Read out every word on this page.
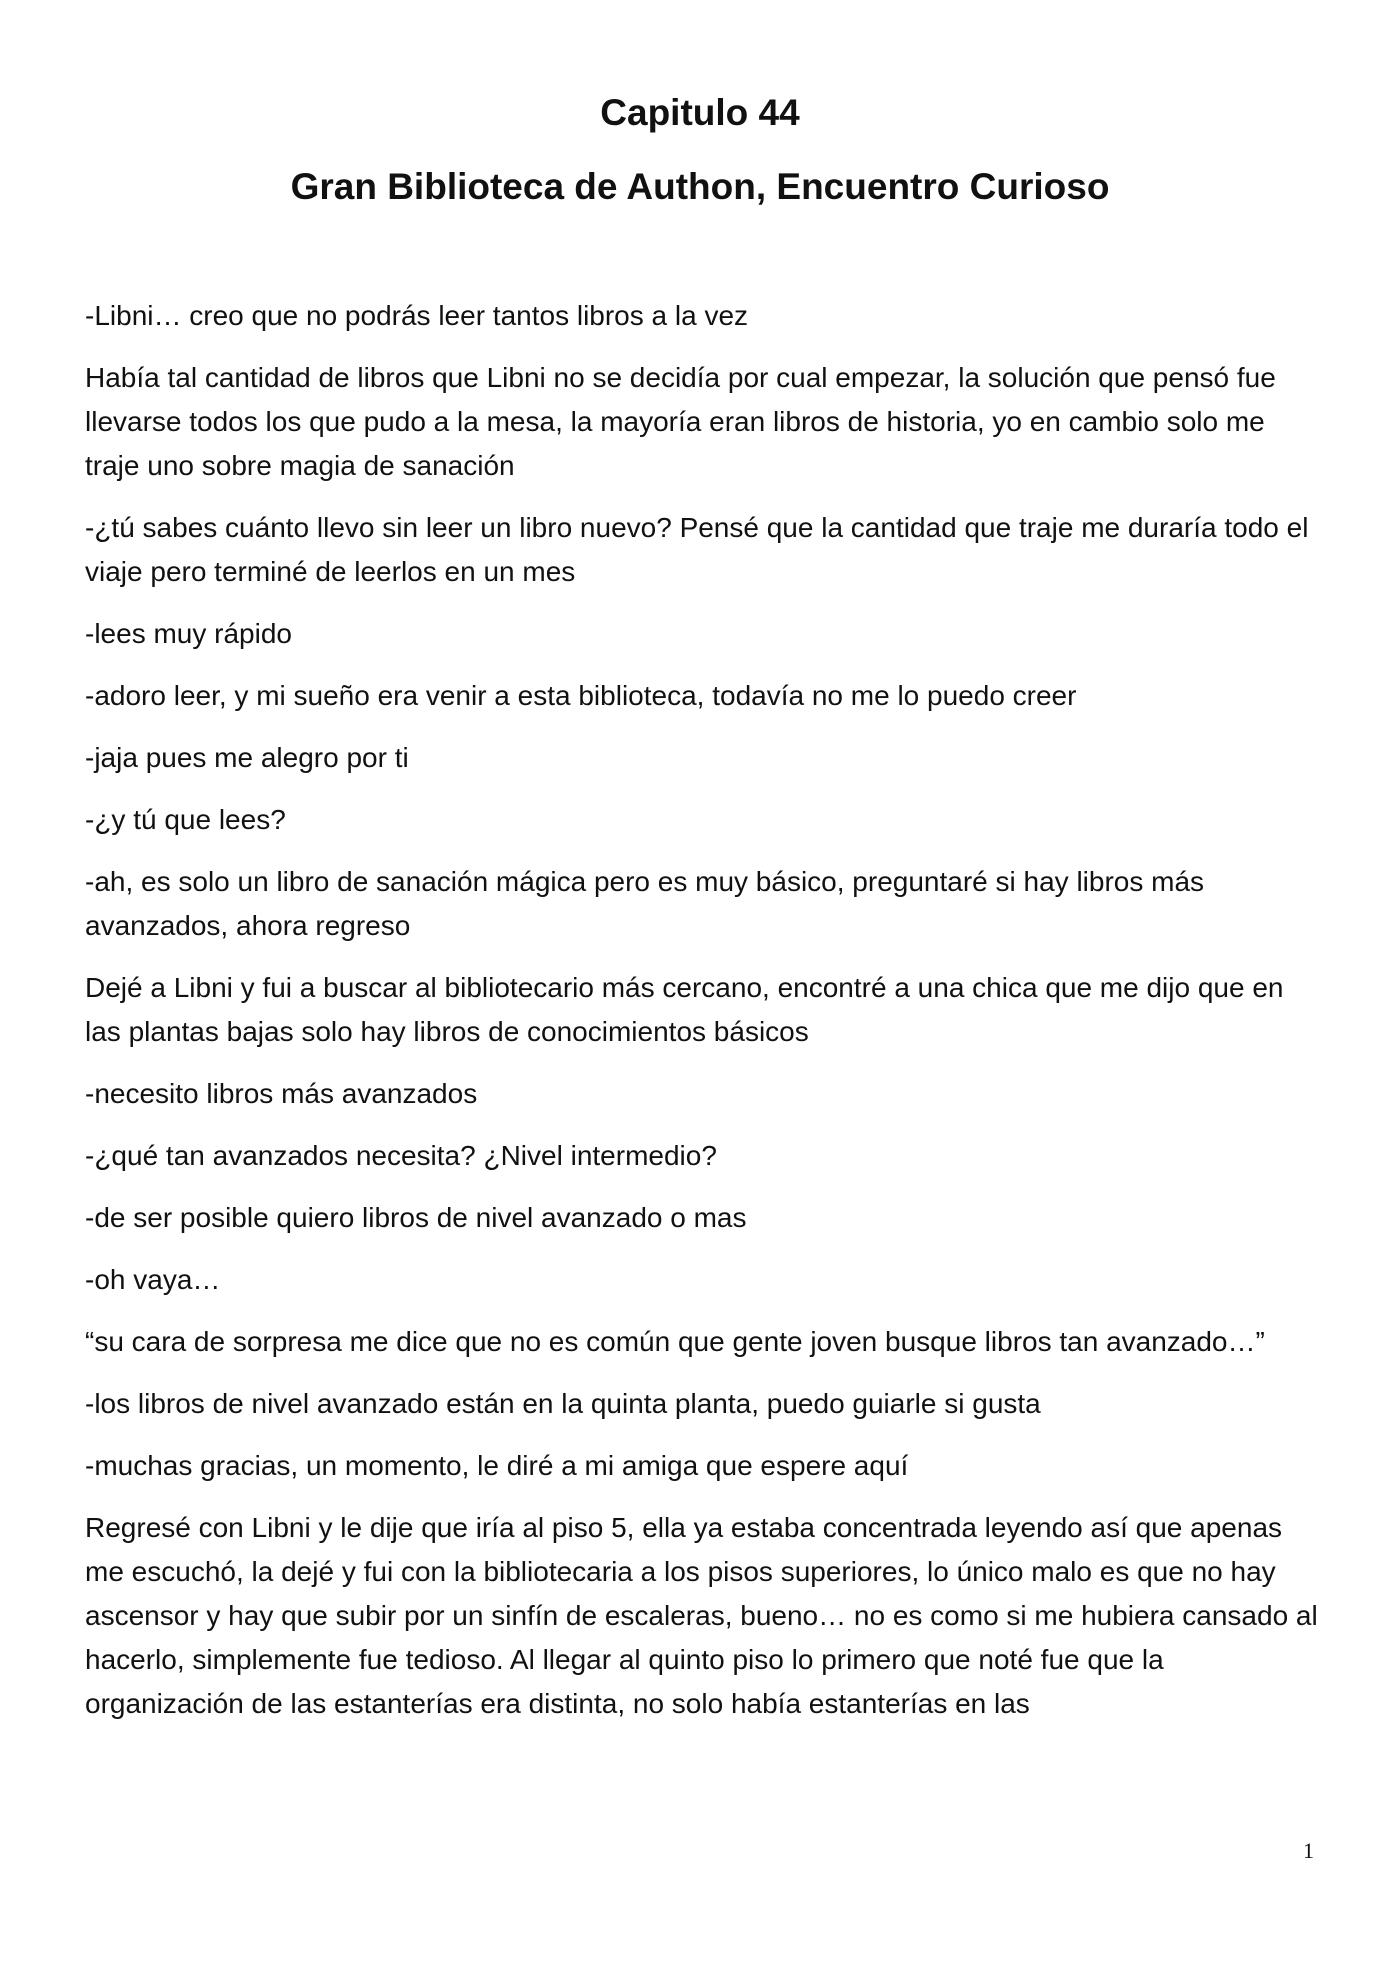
Capitulo 44
Gran Biblioteca de Authon, Encuentro Curioso

-Libni… creo que no podrás leer tantos libros a la vez

Había tal cantidad de libros que Libni no se decidía por cual empezar, la solución que pensó fue llevarse todos los que pudo a la mesa, la mayoría eran libros de historia, yo en cambio solo me traje uno sobre magia de sanación

-¿tú sabes cuánto llevo sin leer un libro nuevo? Pensé que la cantidad que traje me duraría todo el viaje pero terminé de leerlos en un mes

-lees muy rápido

-adoro leer, y mi sueño era venir a esta biblioteca, todavía no me lo puedo creer

-jaja pues me alegro por ti

-¿y tú que lees?

-ah, es solo un libro de sanación mágica pero es muy básico, preguntaré si hay libros más avanzados, ahora regreso

Dejé a Libni y fui a buscar al bibliotecario más cercano, encontré a una chica que me dijo que en las plantas bajas solo hay libros de conocimientos básicos

-necesito libros más avanzados

-¿qué tan avanzados necesita? ¿Nivel intermedio?

-de ser posible quiero libros de nivel avanzado o mas

-oh vaya…

“su cara de sorpresa me dice que no es común que gente joven busque libros tan avanzado…”

-los libros de nivel avanzado están en la quinta planta, puedo guiarle si gusta

-muchas gracias, un momento, le diré a mi amiga que espere aquí

Regresé con Libni y le dije que iría al piso 5, ella ya estaba concentrada leyendo así que apenas me escuchó, la dejé y fui con la bibliotecaria a los pisos superiores, lo único malo es que no hay ascensor y hay que subir por un sinfín de escaleras, bueno… no es como si me hubiera cansado al hacerlo, simplemente fue tedioso. Al llegar al quinto piso lo primero que noté fue que la organización de las estanterías era distinta, no solo había estanterías en las

1
